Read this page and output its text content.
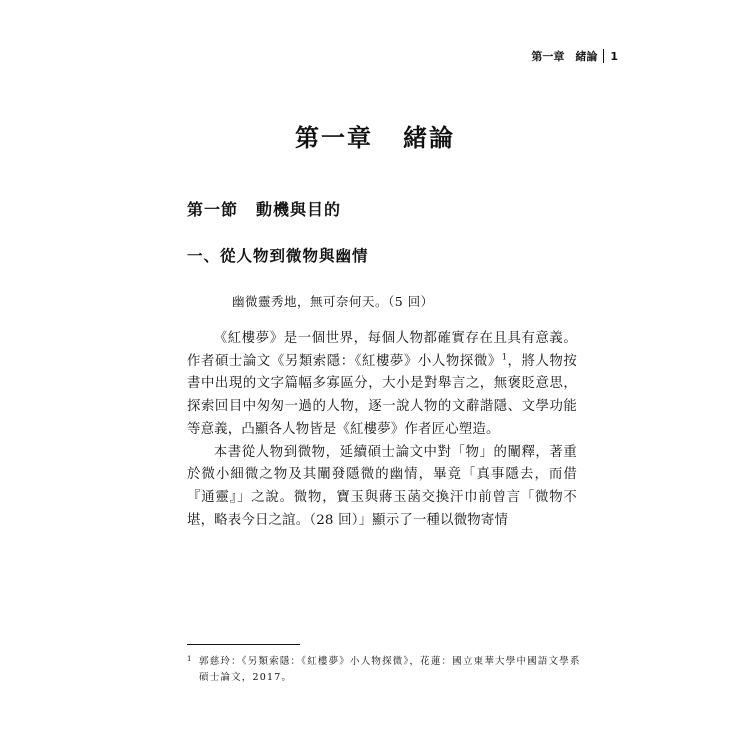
第一章　緒論 1
第一章 緒論
第一節 動機與目的
一、從人物到微物與幽情

幽微靈秀地，無可奈何天。（5 回）

《紅樓夢》是一個世界，每個人物都確實存在且具有意義。作者碩士論文《另類索隱：《紅樓夢》小人物探微》$^1$，將人物按書中出現的文字篇幅多寡區分，大小是對舉言之，無褒貶意思，探索回目中匆匆一過的人物，逐一說人物的文辭諧隱、文學功能等意義，凸顯各人物皆是《紅樓夢》作者匠心塑造。

本書從人物到微物，延續碩士論文中對「物」的闡釋，著重於微小細微之物及其闡發隱微的幽情，畢竟「真事隱去，而借『通靈』」之說。微物，寶玉與蔣玉菡交換汗巾前曾言「微物不堪，略表今日之誼。（28 回）」顯示了一種以微物寄情

1 郭慈玲：《另類索隱：《紅樓夢》小人物探微》，花蓮：國立東華大學中國語文學系碩士論文，2017。
